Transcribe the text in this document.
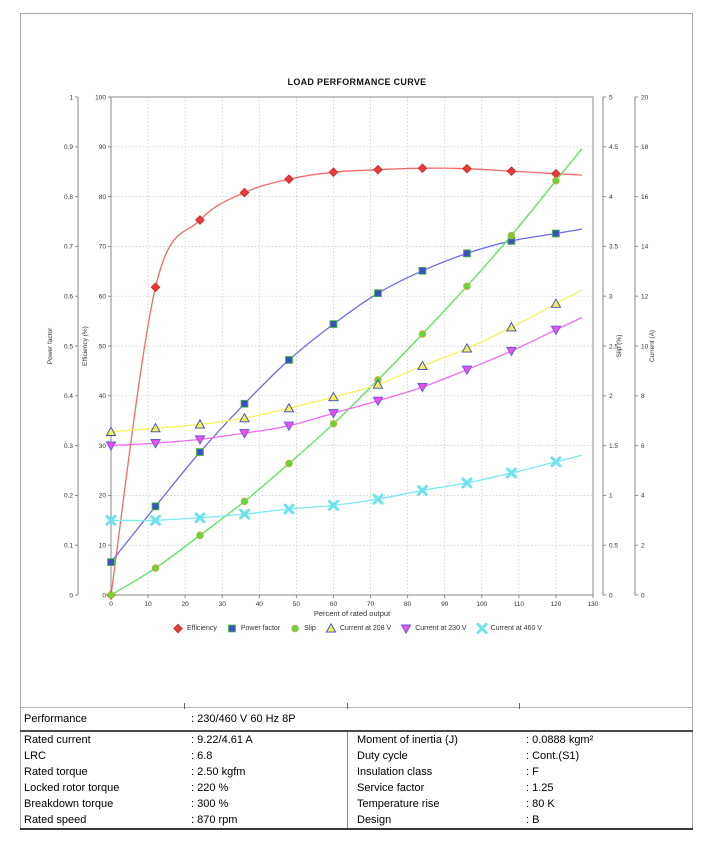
LOAD PERFORMANCE CURVE
0	10	20	30	40	50	60	70	80	90	100	110	120	130
Percent of rated output
0
0.1
0.2
0.3
0.4
0.5
0.6
0.7
0.8
0.9
1
Power factor
0
10
20
30
40
50
60
70
80
90
100
Efficiency (%)
0
0.5
1
1.5
2
2.5
3
3.5
4
4.5
5
Slip (%)
0
2
4
6
8
10
12
14
16
18
20
Current (A)
Efficiency	Power factor	Slip	Current at 208 V	Current at 230 V	Current at 460 V
Performance	: 230/460 V 60 Hz 8P
Rated current	: 9.22/4.61 A	Moment of inertia (J)	: 0.0888 kgm²
LRC	: 6.8	Duty cycle	: Cont.(S1)
Rated torque	: 2.50 kgfm	Insulation class	: F
Locked rotor torque	: 220 %	Service factor	: 1.25
Breakdown torque	: 300 %	Temperature rise	: 80 K
Rated speed	: 870 rpm	Design	: B
